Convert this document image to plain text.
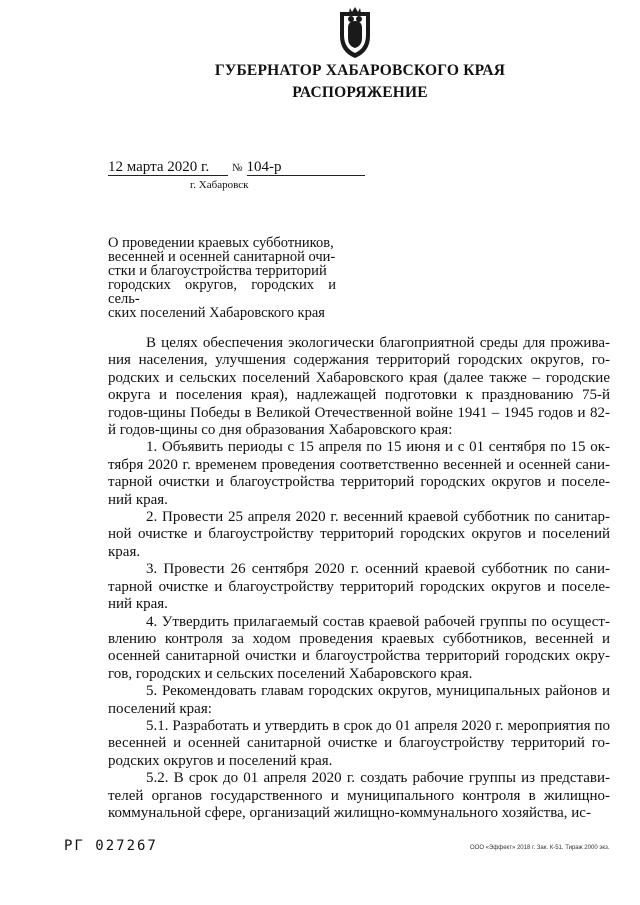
ГУБЕРНАТОР ХАБАРОВСКОГО КРАЯ
РАСПОРЯЖЕНИЕ
12 марта 2020 г. № 104-р
г. Хабаровск
О проведении краевых субботников,
весенней и осенней санитарной очи-
стки и благоустройства территорий
городских округов, городских и сель-
ских поселений Хабаровского края

В целях обеспечения экологически благоприятной среды для прожива-ния населения, улучшения содержания территорий городских округов, го-родских и сельских поселений Хабаровского края (далее также – городские округа и поселения края), надлежащей подготовки к празднованию 75-й годов-щины Победы в Великой Отечественной войне 1941 – 1945 годов и 82-й годов-щины со дня образования Хабаровского края:

1. Объявить периоды с 15 апреля по 15 июня и с 01 сентября по 15 ок-тября 2020 г. временем проведения соответственно весенней и осенней сани-тарной очистки и благоустройства территорий городских округов и поселе-ний края.

2. Провести 25 апреля 2020 г. весенний краевой субботник по санитар-ной очистке и благоустройству территорий городских округов и поселений края.

3. Провести 26 сентября 2020 г. осенний краевой субботник по сани-тарной очистке и благоустройству территорий городских округов и поселе-ний края.

4. Утвердить прилагаемый состав краевой рабочей группы по осущест-влению контроля за ходом проведения краевых субботников, весенней и осенней санитарной очистки и благоустройства территорий городских окру-гов, городских и сельских поселений Хабаровского края.

5. Рекомендовать главам городских округов, муниципальных районов и поселений края:

5.1. Разработать и утвердить в срок до 01 апреля 2020 г. мероприятия по весенней и осенней санитарной очистке и благоустройству территорий го-родских округов и поселений края.

5.2. В срок до 01 апреля 2020 г. создать рабочие группы из представи-телей органов государственного и муниципального контроля в жилищно-коммунальной сфере, организаций жилищно-коммунального хозяйства, ис-

РГ 027267	ООО «Эффект» 2018 г. Зак. К-51. Тираж 2000 экз.
